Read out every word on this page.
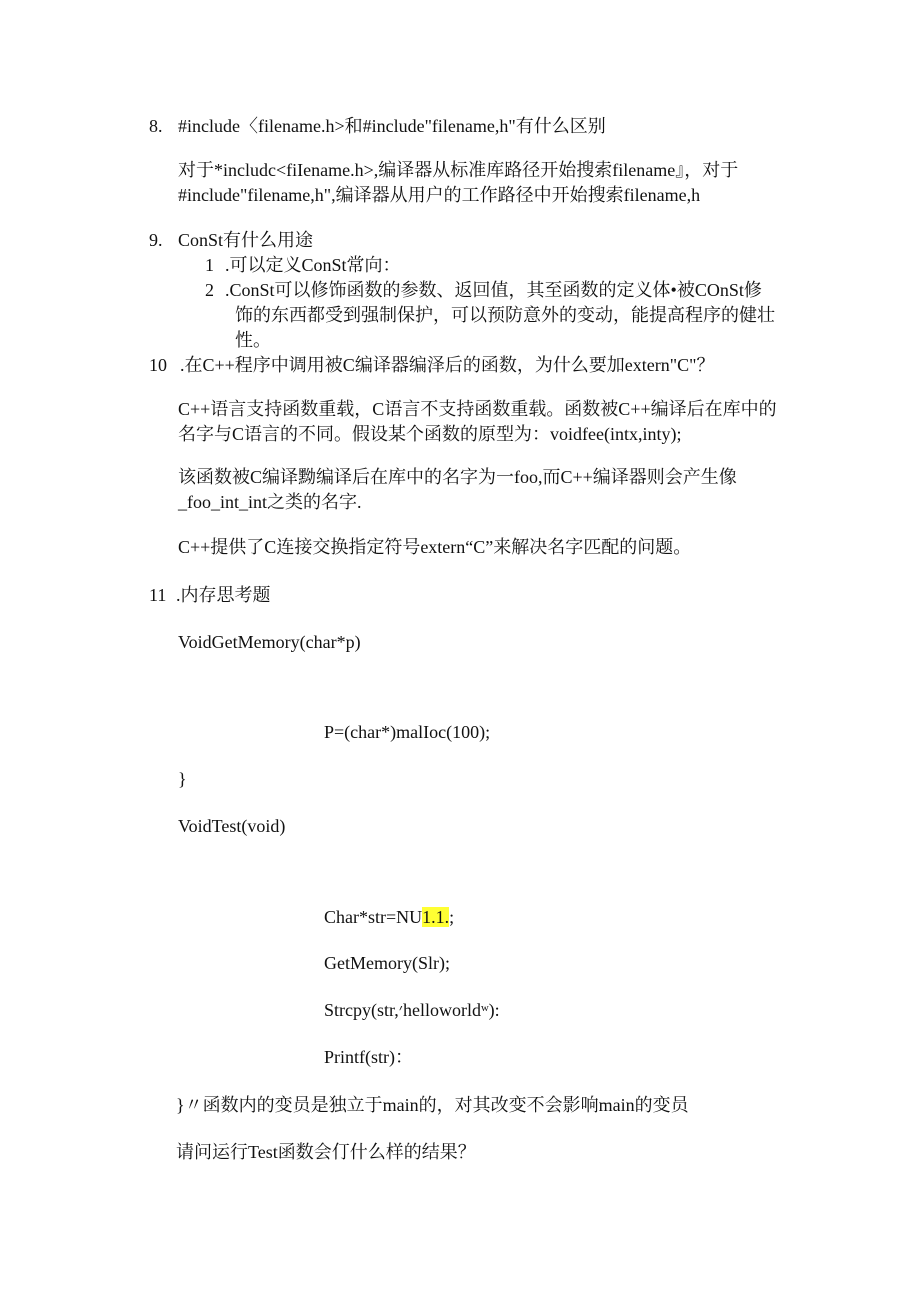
8. #include〈filename.h>和#include"filename,h"有什么区别
对于*includc<fiIename.h>,编译器从标准库路径开始搜索filename』，对于
#include"filename,h",编译器从用户的工作路径中开始搜索filename,h
9. ConSt有什么用途
1 .可以定义ConSt常向：
2 .ConSt可以修饰函数的参数、返回值，其至函数的定义体•被COnSt修
饰的东西都受到强制保护，可以预防意外的变动，能提高程序的健壮
性。
10 .在C++程序中调用被C编译器编泽后的函数，为什么要加extern"C"？
C++语言支持函数重载，C语言不支持函数重载。函数被C++编译后在库中的
名字与C语言的不同。假设某个函数的原型为：voidfee(intx,inty);
该函数被C编译黝编译后在库中的名字为一foo,而C++编译器则会产生像
_foo_int_int之类的名字.
C++提供了C连接交换指定符号extern“C”来解决名字匹配的问题。
11 .内存思考题
VoidGetMemory(char*p)
P=(char*)malIoc(100);
}
VoidTest(void)
Char*str=NU1.1.;
GetMemory(Slr);
Strcpy(str,׳helloworldʷ):
Printf(str)：
}〃函数内的变员是独立于main的，对其改变不会影响main的变员
请问运行Test函数会仃什么样的结果？
